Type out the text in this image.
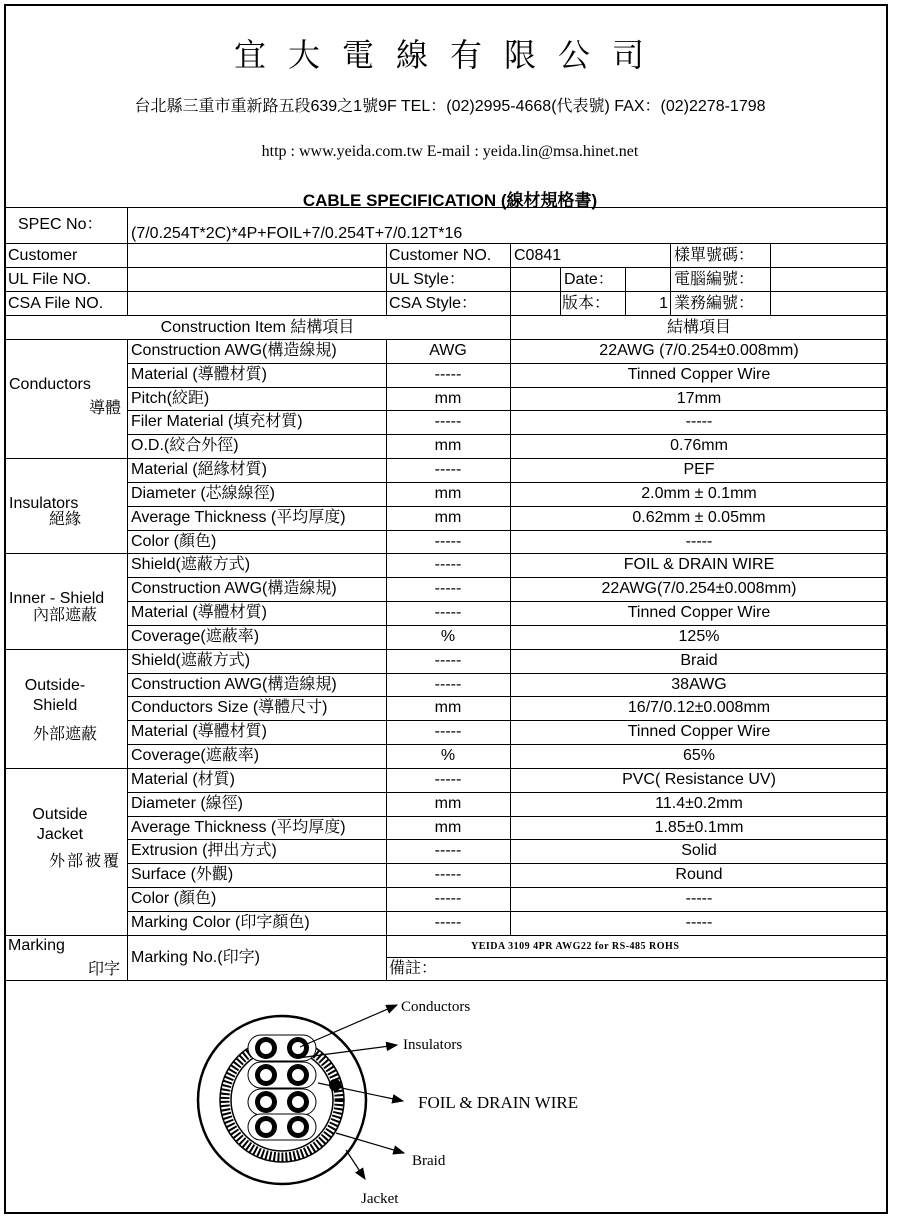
宜大電線有限公司
台北縣三重市重新路五段639之1號9F TEL：(02)2995-4668(代表號) FAX：(02)2278-1798
http : www.yeida.com.tw E-mail : yeida.lin@msa.hinet.net
CABLE SPECIFICATION (線材規格書)
SPEC No：
(7/0.254T*2C)*4P+FOIL+7/0.254T+7/0.12T*16
Customer	Customer NO. C0841	樣單號碼：
UL File NO.	UL Style：	Date：	電腦編號：
CSA File NO.	CSA Style：	版本：	1 業務編號：
Construction Item 結構項目	結構項目
Conductors
導體
Construction AWG(構造線規)	AWG	22AWG (7/0.254±0.008mm)
Material (導體材質)	-----	Tinned Copper Wire
Pitch(絞距)	mm	17mm
Filer Material (填充材質)	-----	-----
O.D.(絞合外徑)	mm	0.76mm
Insulators
絕緣
Material (絕緣材質)	-----	PEF
Diameter (芯線線徑)	mm	2.0mm ± 0.1mm
Average Thickness (平均厚度)	mm	0.62mm ± 0.05mm
Color (顏色)	-----	-----
Inner - Shield
內部遮蔽
Shield(遮蔽方式)	-----	FOIL & DRAIN WIRE
Construction AWG(構造線規)	-----	22AWG(7/0.254±0.008mm)
Material (導體材質)	-----	Tinned Copper Wire
Coverage(遮蔽率)	%	125%
Outside-Shield
外部遮蔽
Shield(遮蔽方式)	-----	Braid
Construction AWG(構造線規)	-----	38AWG
Conductors Size (導體尺寸)	mm	16/7/0.12±0.008mm
Material (導體材質)	-----	Tinned Copper Wire
Coverage(遮蔽率)	%	65%
Outside Jacket
外部被覆
Material (材質)	-----	PVC( Resistance UV)
Diameter (線徑)	mm	11.4±0.2mm
Average Thickness (平均厚度)	mm	1.85±0.1mm
Extrusion (押出方式)	-----	Solid
Surface (外觀)	-----	Round
Color (顏色)	-----	-----
Marking Color (印字顏色)	-----	-----
Marking
印字
Marking No.(印字)
YEIDA 3109 4PR AWG22 for RS-485 ROHS
備註：
Conductors
Insulators
FOIL & DRAIN WIRE
Braid
Jacket
